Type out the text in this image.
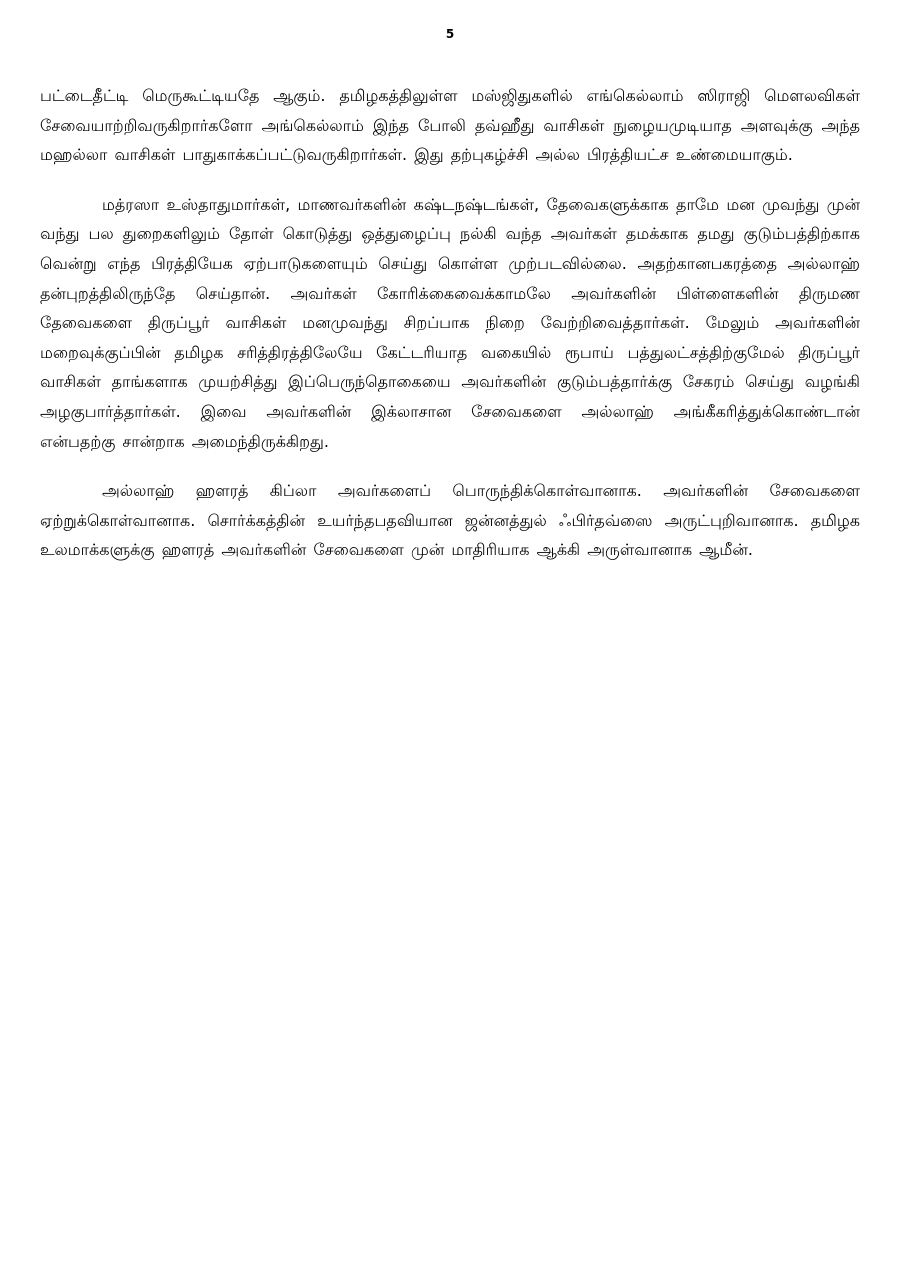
5

பட்டைதீட்டி மெருகூட்டியதே ஆகும். தமிழகத்திலுள்ள மஸ்ஜிதுகளில் எங்கெல்லாம் ஸிராஜி மௌலவிகள் சேவையாற்றிவருகிறார்களோ அங்கெல்லாம் இந்த போலி தவ்ஹீது வாசிகள் நுழையமுடியாத அளவுக்கு அந்த மஹல்லா வாசிகள் பாதுகாக்கப்பட்டுவருகிறார்கள். இது தற்புகழ்ச்சி அல்ல பிரத்தியட்ச உண்மையாகும்.

மத்ரஸா உஸ்தாதுமார்கள், மாணவர்களின் கஷ்டநஷ்டங்கள், தேவைகளுக்காக தாமே மன முவந்து முன் வந்து பல துறைகளிலும் தோள் கொடுத்து ஒத்துழைப்பு நல்கி வந்த அவர்கள் தமக்காக தமது குடும்பத்திற்காக வென்று எந்த பிரத்தியேக ஏற்பாடுகளையும் செய்து கொள்ள முற்படவில்லை. அதற்கானபகரத்தை அல்லாஹ் தன்புறத்திலிருந்தே செய்தான். அவர்கள் கோரிக்கைவைக்காமலே அவர்களின் பிள்ளைகளின் திருமண தேவைகளை திருப்பூர் வாசிகள் மனமுவந்து சிறப்பாக நிறை வேற்றிவைத்தார்கள். மேலும் அவர்களின் மறைவுக்குப்பின் தமிழக சரித்திரத்திலேயே கேட்டரியாத வகையில் ரூபாய் பத்துலட்சத்திற்குமேல் திருப்பூர் வாசிகள் தாங்களாக முயற்சித்து இப்பெருந்தொகையை அவர்களின் குடும்பத்தார்க்கு சேகரம் செய்து வழங்கி அழகுபார்த்தார்கள். இவை அவர்களின் இக்லாசான சேவைகளை அல்லாஹ் அங்கீகரித்துக்கொண்டான் என்பதற்கு சான்றாக அமைந்திருக்கிறது.

அல்லாஹ் ஹளரத் கிப்லா அவர்களைப் பொருந்திக்கொள்வானாக. அவர்களின் சேவைகளை ஏற்றுக்கொள்வானாக. சொர்க்கத்தின் உயர்ந்தபதவியான ஜன்னத்துல் ஃபிர்தவ்ஸை அருட்புறிவானாக. தமிழக உலமாக்களுக்கு ஹளரத் அவர்களின் சேவைகளை முன் மாதிரியாக ஆக்கி அருள்வானாக ஆமீன்.
